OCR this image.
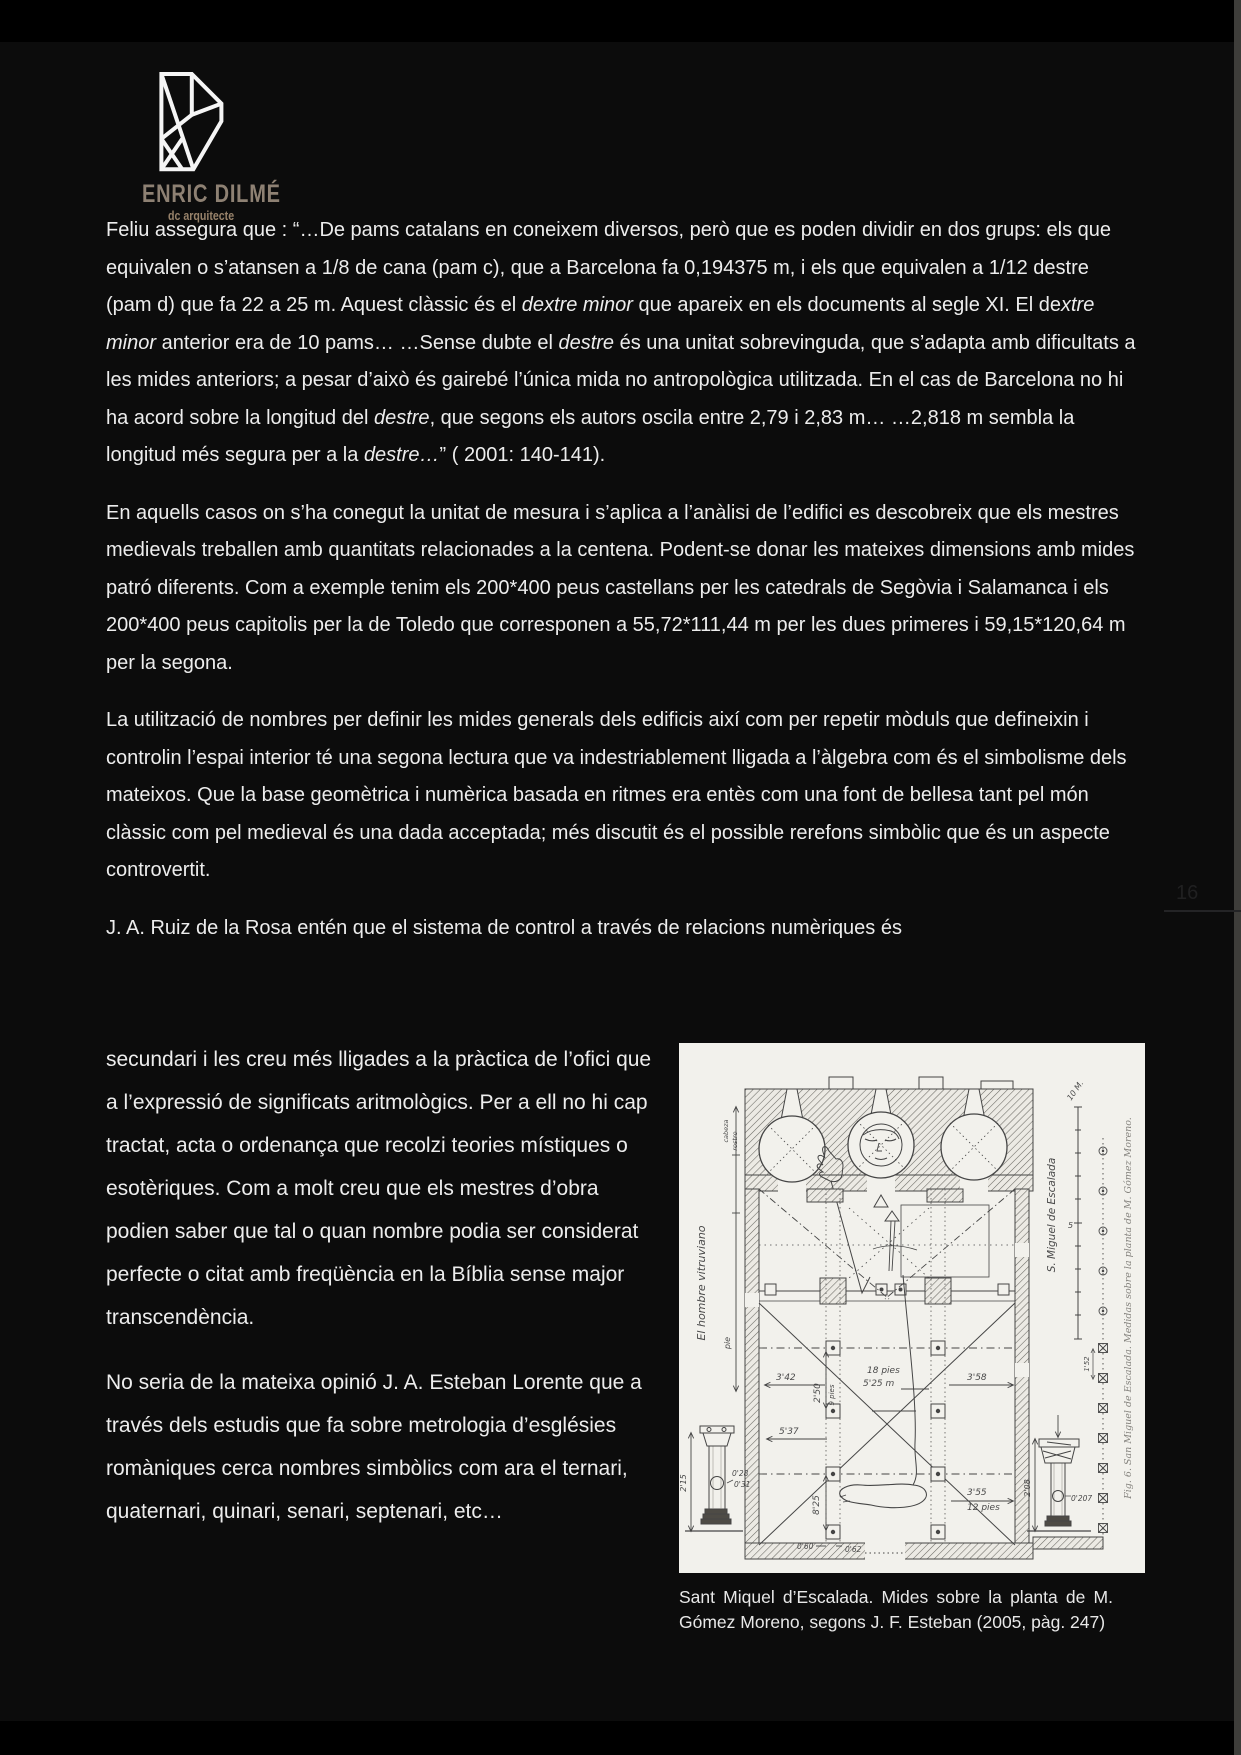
ENRIC DILMÉ
dc arquitecte

Feliu assegura que : “…De pams catalans en coneixem diversos, però que es poden dividir en dos grups: els que equivalen o s’atansen a 1/8 de cana (pam c), que a Barcelona fa 0,194375 m, i els que equivalen a 1/12 destre (pam d) que fa 22 a 25 m. Aquest clàssic és el dextre minor que apareix en els documents al segle XI. El dextre minor anterior era de 10 pams… …Sense dubte el destre és una unitat sobrevinguda, que s’adapta amb dificultats a les mides anteriors; a pesar d’això és gairebé l’única mida no antropològica utilitzada. En el cas de Barcelona no hi ha acord sobre la longitud del destre, que segons els autors oscila entre 2,79 i 2,83 m… …2,818 m sembla la longitud més segura per a la destre…” ( 2001: 140-141).

En aquells casos on s’ha conegut la unitat de mesura i s’aplica a l’anàlisi de l’edifici es descobreix que els mestres medievals treballen amb quantitats relacionades a la centena. Podent-se donar les mateixes dimensions amb mides patró diferents. Com a exemple tenim els 200*400 peus castellans per les catedrals de Segòvia i Salamanca i els 200*400 peus capitolis per la de Toledo que corresponen a 55,72*111,44 m per les dues primeres i 59,15*120,64 m per la segona.

La utilització de nombres per definir les mides generals dels edificis així com per repetir mòduls que defineixin i controlin l’espai interior té una segona lectura que va indestriablement lligada a l’àlgebra com és el simbolisme dels mateixos. Que la base geomètrica i numèrica basada en ritmes era entès com una font de bellesa tant pel món clàssic com pel medieval és una dada acceptada; més discutit és el possible rerefons simbòlic que és un aspecte controvertit.

J. A. Ruiz de la Rosa entén que el sistema de control a través de relacions numèriques és

secundari i les creu més lligades a la pràctica de l’ofici que a l’expressió de significats aritmològics. Per a ell no hi cap tractat, acta o ordenança que recolzi teories místiques o esotèriques. Com a molt creu que els mestres d’obra podien saber que tal o quan nombre podia ser considerat perfecte o citat amb freqüència en la Bíblia sense major transcendència.

No seria de la mateixa opinió J. A. Esteban Lorente que a través dels estudis que fa sobre metrologia d’esglésies romàniques cerca nombres simbòlics com ara el ternari, quaternari, quinari, senari, septenari, etc…

3'42
18 pies
5'25 m
3'58
5'37
2'50 9 pies
3'55
12 pies
0'60	0'62
8'25
2'15
0'28
0'31	2'08
0'207
1'52
10 M.
5
S. Miguel de Escalada
El hombre vitruviano
cabeza rostro
pie	Fig. 6. San Miguel de Escalada. Medidas sobre la planta de M. Gómez Moreno.
Sant Miquel d’Escalada. Mides sobre la planta de M. Gómez Moreno, segons J. F. Esteban (2005, pàg. 247)
16
